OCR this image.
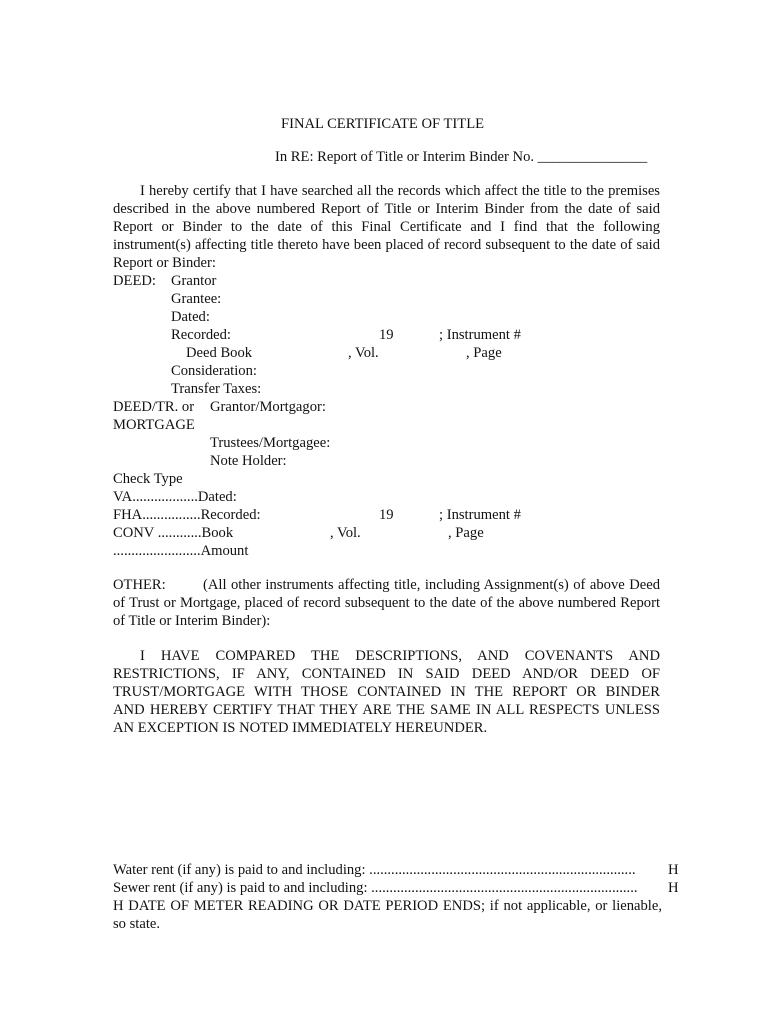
FINAL CERTIFICATE OF TITLE
In RE: Report of Title or Interim Binder No. _______________
I hereby certify that I have searched all the records which affect the title to the premises
described in the above numbered Report of Title or Interim Binder from the date of said
Report or Binder to the date of this Final Certificate and I find that the following
instrument(s) affecting title thereto have been placed of record subsequent to the date of said
Report or Binder:
DEED: Grantor
Grantee:
Dated:
Recorded:	19	; Instrument #
Deed Book	, Vol.	, Page
Consideration:
Transfer Taxes:
DEED/TR. or Grantor/Mortgagor:
MORTGAGE
Trustees/Mortgagee:
Note Holder:
Check Type
VA..................Dated:
FHA................Recorded:	19	; Instrument #
CONV ............Book	, Vol.	, Page
........................Amount
OTHER:	(All other instruments affecting title, including Assignment(s) of above Deed
of Trust or Mortgage, placed of record subsequent to the date of the above numbered Report
of Title or Interim Binder):
I HAVE COMPARED THE DESCRIPTIONS, AND COVENANTS AND
RESTRICTIONS, IF ANY, CONTAINED IN SAID DEED AND/OR DEED OF
TRUST/MORTGAGE WITH THOSE CONTAINED IN THE REPORT OR BINDER
AND HEREBY CERTIFY THAT THEY ARE THE SAME IN ALL RESPECTS UNLESS
AN EXCEPTION IS NOTED IMMEDIATELY HEREUNDER.
Water rent (if any) is paid to and including: .........................................................................	H
Sewer rent (if any) is paid to and including: .........................................................................	H
H DATE OF METER READING OR DATE PERIOD ENDS; if not applicable, or lienable,
so state.
